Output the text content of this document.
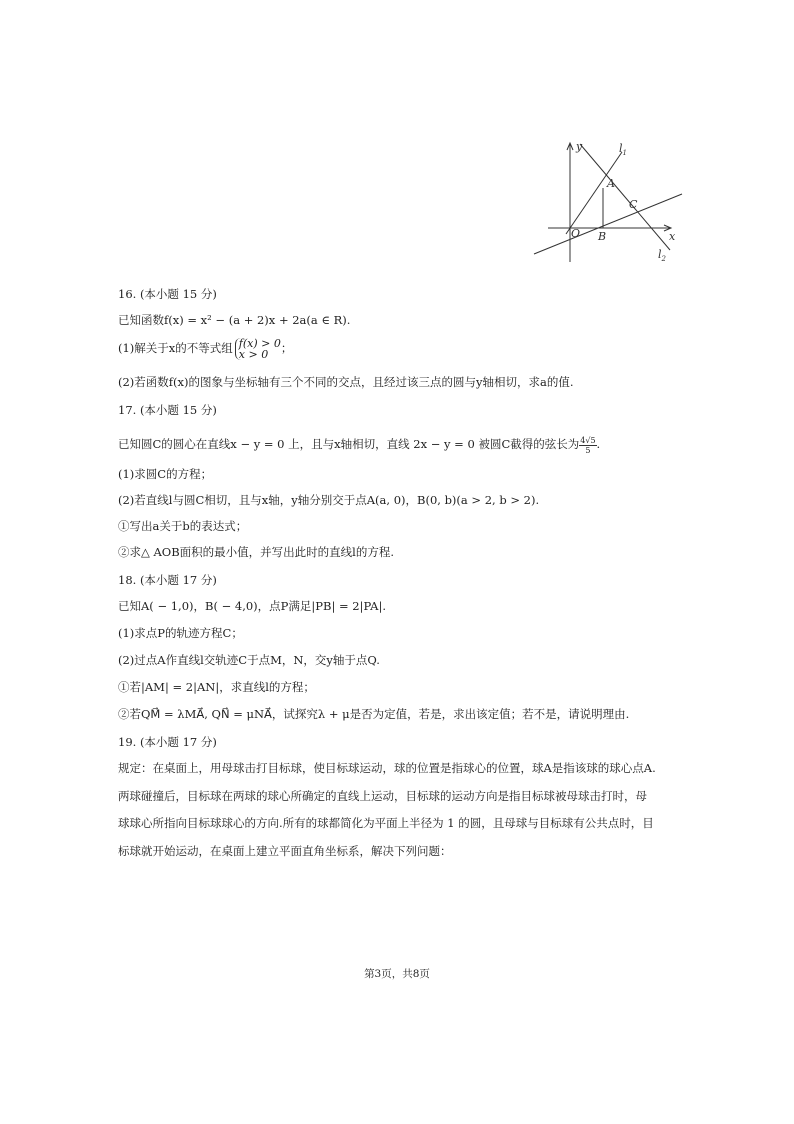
y
x
$l_1$
$l_2$
A
B
C
O
16. (本小题 15 分)
已知函数f(x) = x² − (a + 2)x + 2a(a ∈ R).
(1)解关于x的不等式组 f(x) > 0
x > 0	；
(2)若函数f(x)的图象与坐标轴有三个不同的交点，且经过该三点的圆与y轴相切，求a的值.
17. (本小题 15 分)
已知圆C的圆心在直线x − y = 0 上，且与x轴相切，直线 2x − y = 0 被圆C截得的弦长为 $\frac{4√5}{5}$ .
(1)求圆C的方程；
(2)若直线l与圆C相切，且与x轴，y轴分别交于点A(a, 0)，B(0, b)(a > 2, b > 2).
①写出a关于b的表达式；
②求△ AOB面积的最小值，并写出此时的直线l的方程.
18. (本小题 17 分)
已知A( − 1,0)，B( − 4,0)，点P满足|PB| = 2|PA|.
(1)求点P的轨迹方程C；
(2)过点A作直线l交轨迹C于点M，N，交y轴于点Q.
①若|AM| = 2|AN|，求直线l的方程；
②若QM⃗ = λMA⃗, QN⃗ = μNA⃗，试探究λ + μ是否为定值，若是，求出该定值；若不是，请说明理由.
19. (本小题 17 分)
规定：在桌面上，用母球击打目标球，使目标球运动，球的位置是指球心的位置，球A是指该球的球心点A.
两球碰撞后，目标球在两球的球心所确定的直线上运动，目标球的运动方向是指目标球被母球击打时，母
球球心所指向目标球球心的方向.所有的球都简化为平面上半径为 1 的圆，且母球与目标球有公共点时，目
标球就开始运动，在桌面上建立平面直角坐标系，解决下列问题：
第3页，共8页
